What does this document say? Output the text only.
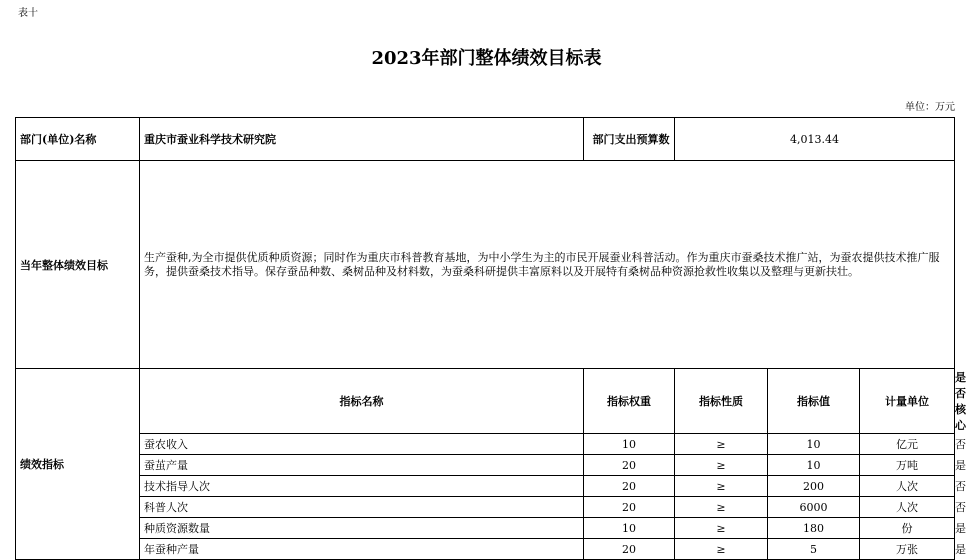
表十
2023年部门整体绩效目标表
单位：万元
部门(单位)名称	重庆市蚕业科学技术研究院	部门支出预算数	4,013.44			
当年整体绩效目标	生产蚕种,为全市提供优质种质资源；同时作为重庆市科普教育基地，为中小学生为主的市民开展蚕业科普活动。作为重庆市蚕桑技术推广站，为蚕农提供技术推广服务，提供蚕桑技术指导。保存蚕品种数、桑树品种及材料数，为蚕桑科研提供丰富原料以及开展特有桑树品种资源抢救性收集以及整理与更新扶壮。					
绩效指标	指标名称	指标权重	指标性质	指标值	计量单位	是否核心
	蚕农收入	10	≥	10	亿元	否
	蚕茧产量	20	≥	10	万吨	是
	技术指导人次	20	≥	200	人次	否
	科普人次	20	≥	6000	人次	否
	种质资源数量	10	≥	180	份	是
	年蚕种产量	20	≥	5	万张	是
